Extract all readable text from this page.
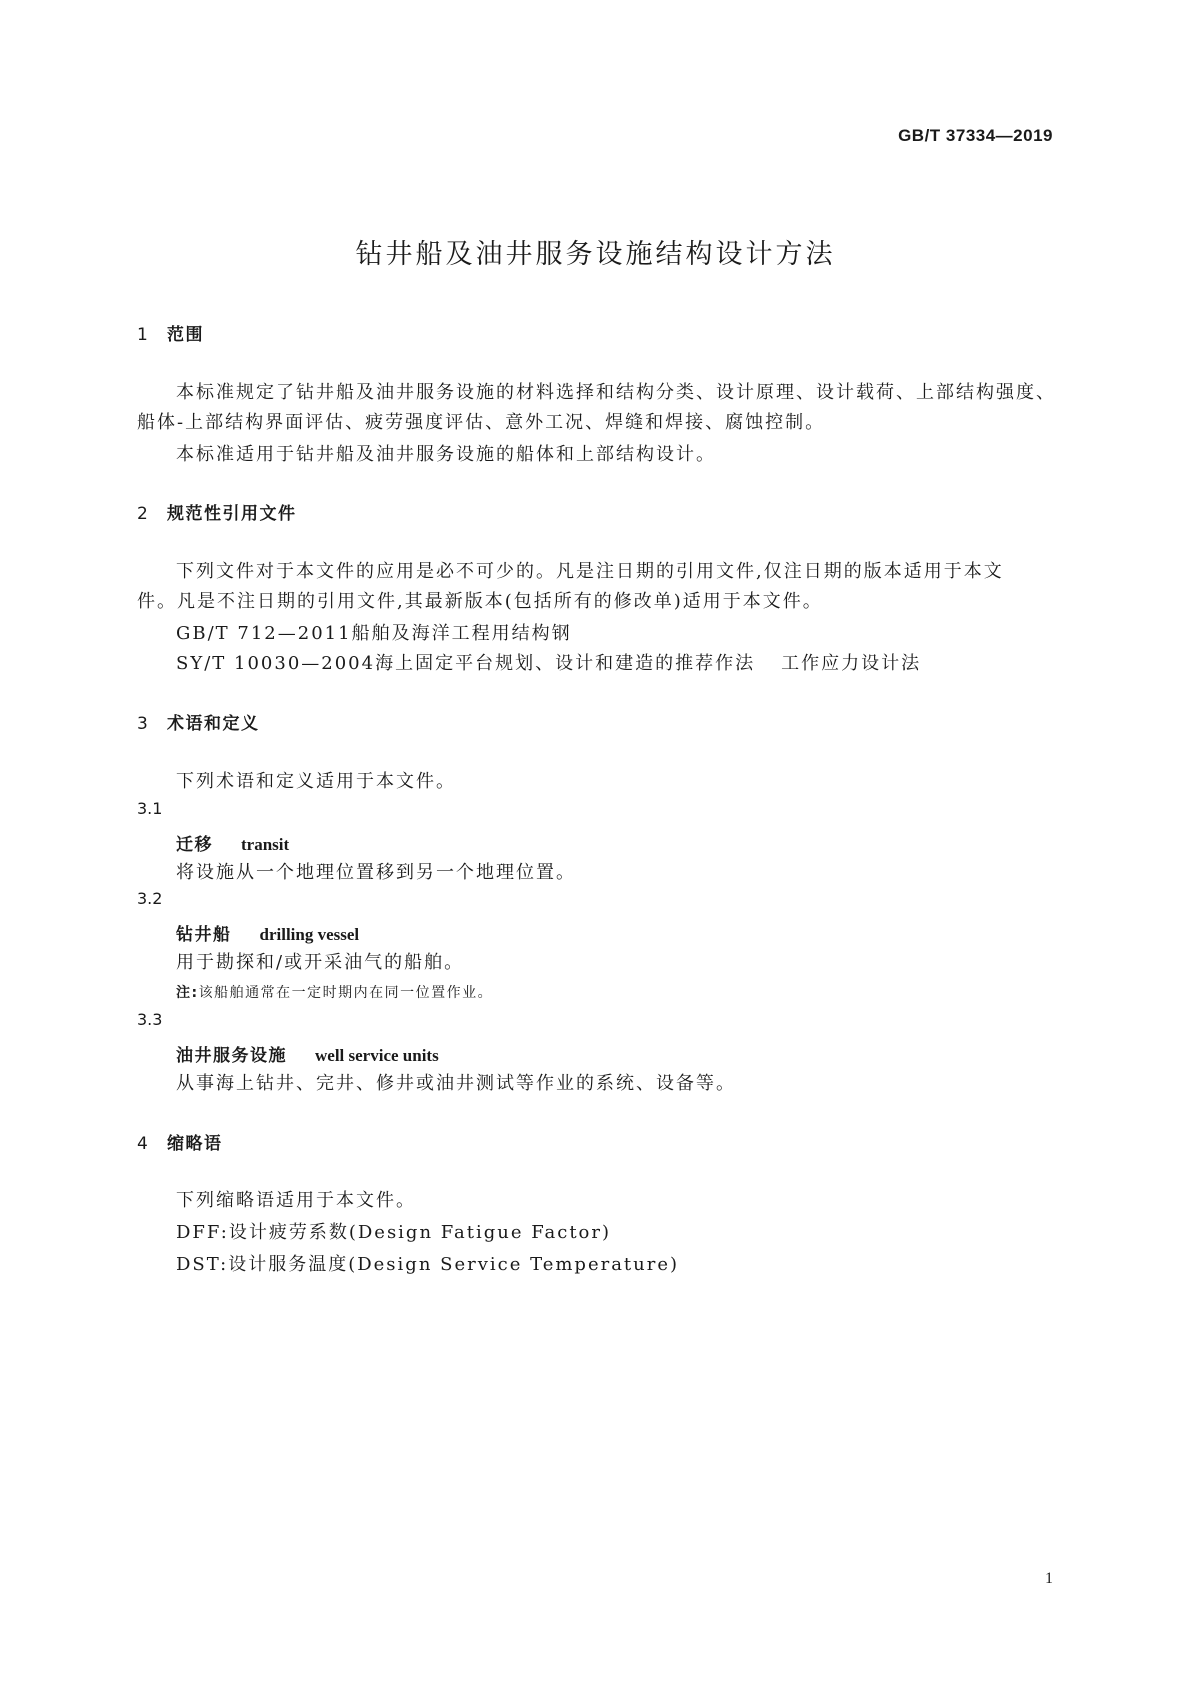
GB/T 37334—2019
钻井船及油井服务设施结构设计方法
1 范围
本标准规定了钻井船及油井服务设施的材料选择和结构分类、设计原理、设计载荷、上部结构强度、
船体-上部结构界面评估、疲劳强度评估、意外工况、焊缝和焊接、腐蚀控制。
本标准适用于钻井船及油井服务设施的船体和上部结构设计。
2 规范性引用文件
下列文件对于本文件的应用是必不可少的。凡是注日期的引用文件,仅注日期的版本适用于本文
件。凡是不注日期的引用文件,其最新版本(包括所有的修改单)适用于本文件。
GB/T 712—2011船舶及海洋工程用结构钢
SY/T 10030—2004海上固定平台规划、设计和建造的推荐作法 工作应力设计法
3 术语和定义
下列术语和定义适用于本文件。
3.1
迁移 transit
将设施从一个地理位置移到另一个地理位置。
3.2
钻井船 drilling vessel
用于勘探和/或开采油气的船舶。
注:该船舶通常在一定时期内在同一位置作业。
3.3
油井服务设施 well service units
从事海上钻井、完井、修井或油井测试等作业的系统、设备等。
4 缩略语
下列缩略语适用于本文件。
DFF:设计疲劳系数(Design Fatigue Factor)
DST:设计服务温度(Design Service Temperature)
1
